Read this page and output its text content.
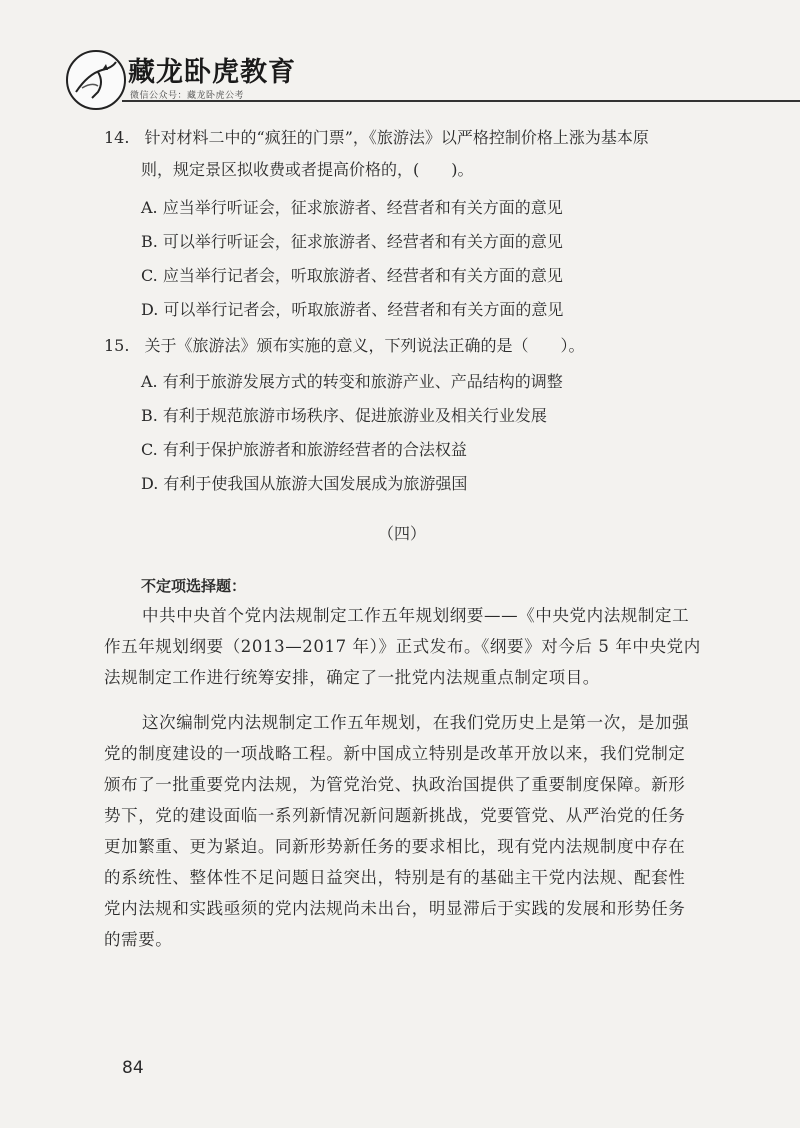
藏龙卧虎教育
微信公众号：藏龙卧虎公考
14. 针对材料二中的“疯狂的门票”，《旅游法》以严格控制价格上涨为基本原
则，规定景区拟收费或者提高价格的，(　　)。
A. 应当举行听证会，征求旅游者、经营者和有关方面的意见
B. 可以举行听证会，征求旅游者、经营者和有关方面的意见
C. 应当举行记者会，听取旅游者、经营者和有关方面的意见
D. 可以举行记者会，听取旅游者、经营者和有关方面的意见
15. 关于《旅游法》颁布实施的意义，下列说法正确的是（　　）。
A. 有利于旅游发展方式的转变和旅游产业、产品结构的调整
B. 有利于规范旅游市场秩序、促进旅游业及相关行业发展
C. 有利于保护旅游者和旅游经营者的合法权益
D. 有利于使我国从旅游大国发展成为旅游强国
（四）
不定项选择题：
中共中央首个党内法规制定工作五年规划纲要——《中央党内法规制定工
作五年规划纲要（2013—2017 年）》正式发布。《纲要》对今后 5 年中央党内
法规制定工作进行统筹安排，确定了一批党内法规重点制定项目。
这次编制党内法规制定工作五年规划，在我们党历史上是第一次，是加强
党的制度建设的一项战略工程。新中国成立特别是改革开放以来，我们党制定
颁布了一批重要党内法规，为管党治党、执政治国提供了重要制度保障。新形
势下，党的建设面临一系列新情况新问题新挑战，党要管党、从严治党的任务
更加繁重、更为紧迫。同新形势新任务的要求相比，现有党内法规制度中存在
的系统性、整体性不足问题日益突出，特别是有的基础主干党内法规、配套性
党内法规和实践亟须的党内法规尚未出台，明显滞后于实践的发展和形势任务
的需要。
84
